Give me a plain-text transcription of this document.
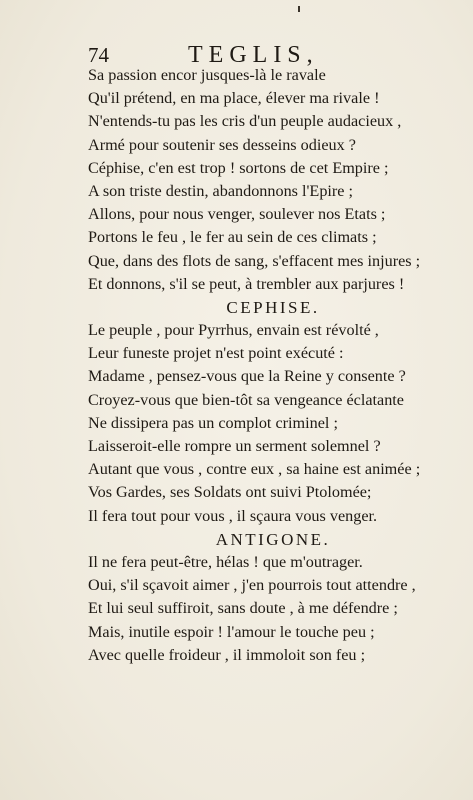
74	TEGLIS,
Sa passion encor jusques-là le ravale
Qu'il prétend, en ma place, élever ma rivale !
N'entends-tu pas les cris d'un peuple audacieux ,
Armé pour soutenir ses desseins odieux ?
Céphise, c'en est trop ! sortons de cet Empire ;
A son triste destin, abandonnons l'Epire ;
Allons, pour nous venger, soulever nos Etats ;
Portons le feu , le fer au sein de ces climats ;
Que, dans des flots de sang, s'effacent mes injures ;
Et donnons, s'il se peut, à trembler aux parjures !
CEPHISE.
Le peuple , pour Pyrrhus, envain est révolté ,
Leur funeste projet n'est point exécuté :
Madame , pensez-vous que la Reine y consente ?
Croyez-vous que bien-tôt sa vengeance éclatante
Ne dissipera pas un complot criminel ;
Laisseroit-elle rompre un serment solemnel ?
Autant que vous , contre eux , sa haine est animée ;
Vos Gardes, ses Soldats ont suivi Ptolomée;
Il fera tout pour vous , il sçaura vous venger.
ANTIGONE.
Il ne fera peut-être, hélas ! que m'outrager.
Oui, s'il sçavoit aimer , j'en pourrois tout attendre ,
Et lui seul suffiroit, sans doute , à me défendre ;
Mais, inutile espoir ! l'amour le touche peu ;
Avec quelle froideur , il immoloit son feu ;
